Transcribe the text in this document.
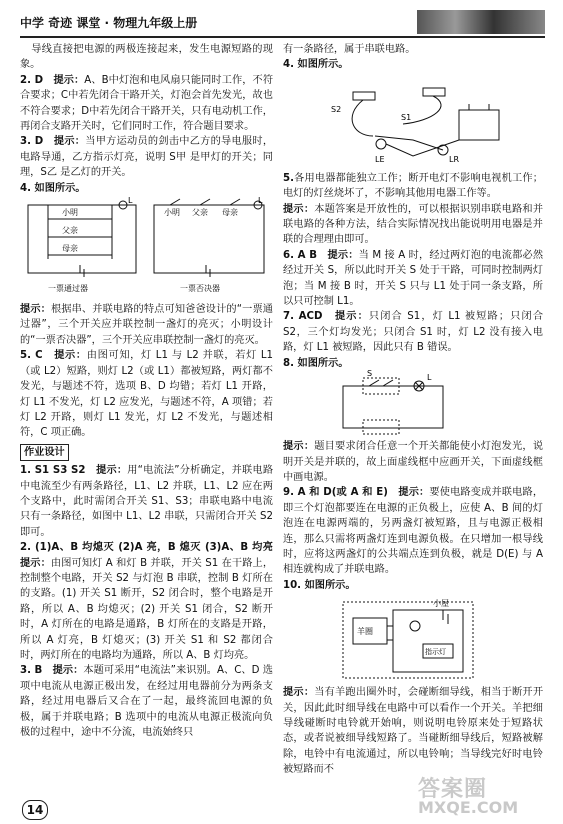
中学 奇迹 课堂 · 物理九年级上册

导线直接把电源的两极连接起来，发生电源短路的现象。

2. D　 提示：A、B中灯泡和电风扇只能同时工作，不符合要求；C中若先闭合干路开关，灯泡会首先发光，故也不符合要求；D中若先闭合干路开关，只有电动机工作，再闭合支路开关时，它们同时工作，符合题目要求。

3. D　 提示：当甲方运动员的剑击中乙方的导电服时，电路导通，乙方指示灯亮，说明 S甲 是甲灯的开关；同理，S乙 是乙灯的开关。

4. 如图所示。

小明
父亲
母亲
L
小明 父亲 母亲
L
一票通过器	一票否决器

提示：根据串、并联电路的特点可知爸爸设计的“一票通过器”，三个开关应并联控制一盏灯的亮灭；小明设计的“一票否决器”，三个开关应串联控制一盏灯的亮灭。

5. C　 提示：由图可知，灯 L1 与 L2 并联，若灯 L1（或 L2）短路，则灯 L2（或 L1）都被短路，两灯都不发光，与题述不符，选项 B、D 均错；若灯 L1 开路，灯 L1 不发光，灯 L2 应发光，与题述不符，A 项错；若灯 L2 开路，则灯 L1 发光，灯 L2 不发光，与题述相符，C 项正确。

作业设计

1. S1 S3 S2　 提示：用“电流法”分析确定，并联电路中电流至少有两条路径，L1、L2 并联，L1、L2 应在两个支路中，此时需闭合开关 S1、S3；串联电路中电流只有一条路径，如图中 L1、L2 串联，只需闭合开关 S2 即可。

2. (1)A、B 均熄灭 (2)A 亮，B 熄灭 (3)A、B 均亮　提示：由图可知灯 A 和灯 B 并联，开关 S1 在干路上，控制整个电路，开关 S2 与灯泡 B 串联，控制 B 灯所在的支路。(1) 开关 S1 断开，S2 闭合时，整个电路是开路，所以 A、B 均熄灭；(2) 开关 S1 闭合，S2 断开时，A 灯所在的电路是通路，B 灯所在的支路是开路，所以 A 灯亮，B 灯熄灭；(3) 开关 S1 和 S2 都闭合时，两灯所在的电路均为通路，所以 A、B 灯均亮。

3. B　 提示：本题可采用“电流法”来识别。A、C、D 选项中电流从电源正极出发，在经过用电器前分为两条支路，经过用电器后又合在了一起，最终流回电源的负极，属于并联电路；B 选项中的电流从电源正极流向负极的过程中，途中不分流，电流始终只

有一条路径，属于串联电路。

4. 如图所示。

S2
S1
LE	LR

5.各用电器都能独立工作；断开电灯不影响电视机工作；电灯的灯丝烧坏了，不影响其他用电器工作等。

提示：本题答案是开放性的，可以根据识别串联电路和并联电路的各种方法，结合实际情况找出能说明用电器是并联的合理理由即可。

6. A B　 提示：当 M 接 A 时，经过两灯泡的电流都必然经过开关 S，所以此时开关 S 处于干路，可同时控制两灯泡；当 M 接 B 时，开关 S 只与 L1 处于同一条支路，所以只可控制 L1。

7. ACD　 提示：只闭合 S1，灯 L1 被短路；只闭合 S2，三个灯均发光；只闭合 S1 时，灯 L2 没有接入电路，灯 L1 被短路，因此只有 B 错误。

8. 如图所示。

S	L

提示：题目要求闭合任意一个开关都能使小灯泡发光，说明开关是并联的，故上面虚线框中应画开关，下面虚线框中画电源。

9. A 和 D(或 A 和 E)　 提示：要使电路变成并联电路，即三个灯泡都要连在电源的正负极上，应使 A、B 间的灯泡连在电源两端的，另两盏灯被短路，且与电源正极相连，那么只需将两盏灯连到电源负极。在只增加一根导线时，应将这两盏灯的公共端点连到负极，就是 D(E) 与 A 相连就构成了并联电路。

10. 如图所示。

羊圈
小屋
指示灯

提示：当有羊跑出圈外时，会碰断细导线，相当于断开开关，因此此时细导线在电路中可以看作一个开关。羊把细导线碰断时电铃就开始响，则说明电铃原来处于短路状态，或者说被细导线短路了。当碰断细导线后，短路被解除，电铃中有电流通过，所以电铃响；当导线完好时电铃被短路而不

14
答案圈
MXQE.COM
